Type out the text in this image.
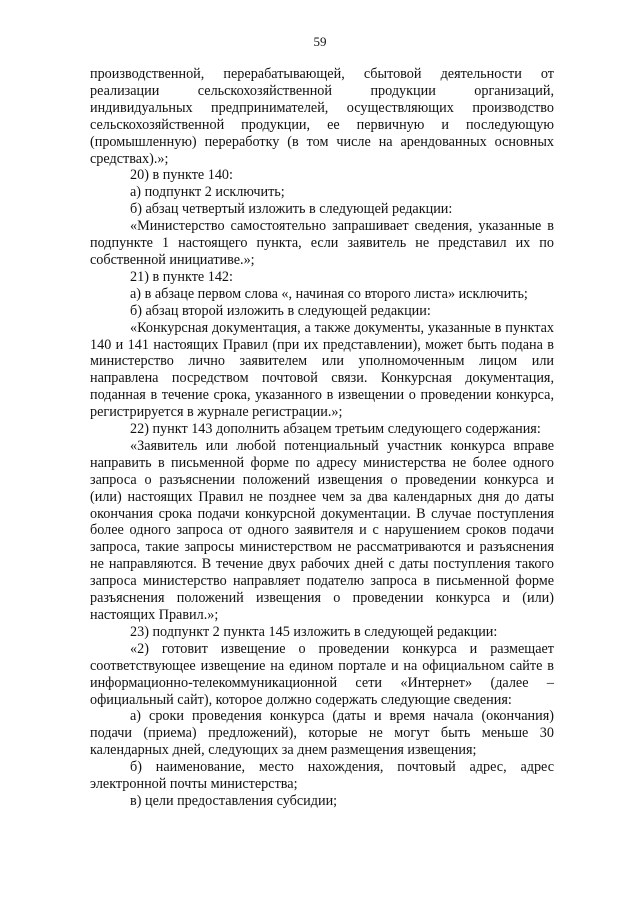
59

производственной, перерабатывающей, сбытовой деятельности от реализации сельскохозяйственной продукции организаций, индивидуальных предпринимателей, осуществляющих производство сельскохозяйственной продукции, ее первичную и последующую (промышленную) переработку (в том числе на арендованных основных средствах).»;

20) в пункте 140:

а) подпункт 2 исключить;

б) абзац четвертый изложить в следующей редакции:

«Министерство самостоятельно запрашивает сведения, указанные в подпункте 1 настоящего пункта, если заявитель не представил их по собственной инициативе.»;

21) в пункте 142:

а) в абзаце первом слова «, начиная со второго листа» исключить;

б) абзац второй изложить в следующей редакции:

«Конкурсная документация, а также документы, указанные в пунктах 140 и 141 настоящих Правил (при их представлении), может быть подана в министерство лично заявителем или уполномоченным лицом или направлена посредством почтовой связи. Конкурсная документация, поданная в течение срока, указанного в извещении о проведении конкурса, регистрируется в журнале регистрации.»;

22) пункт 143 дополнить абзацем третьим следующего содержания:

«Заявитель или любой потенциальный участник конкурса вправе направить в письменной форме по адресу министерства не более одного запроса о разъяснении положений извещения о проведении конкурса и (или) настоящих Правил не позднее чем за два календарных дня до даты окончания срока подачи конкурсной документации. В случае поступления более одного запроса от одного заявителя и с нарушением сроков подачи запроса, такие запросы министерством не рассматриваются и разъяснения не направляются. В течение двух рабочих дней с даты поступления такого запроса министерство направляет подателю запроса в письменной форме разъяснения положений извещения о проведении конкурса и (или) настоящих Правил.»;

23) подпункт 2 пункта 145 изложить в следующей редакции:

«2) готовит извещение о проведении конкурса и размещает соответствующее извещение на едином портале и на официальном сайте в информационно-телекоммуникационной сети «Интернет» (далее – официальный сайт), которое должно содержать следующие сведения:

а) сроки проведения конкурса (даты и время начала (окончания) подачи (приема) предложений), которые не могут быть меньше 30 календарных дней, следующих за днем размещения извещения;

б) наименование, место нахождения, почтовый адрес, адрес электронной почты министерства;

в) цели предоставления субсидии;
